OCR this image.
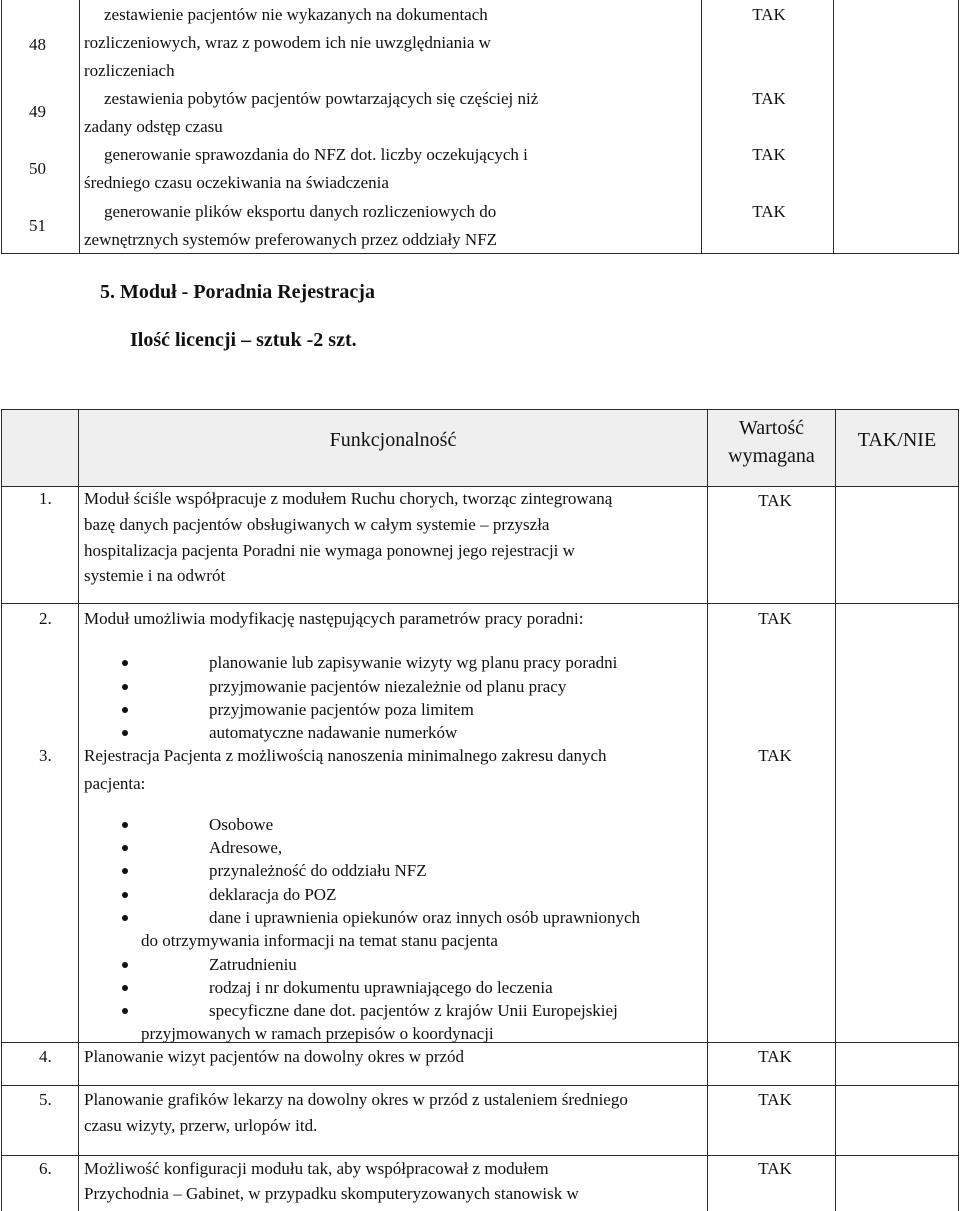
48
zestawienie pacjentów nie wykazanych na dokumentach
rozliczeniowych, wraz z powodem ich nie uwzględniania w
rozliczeniach
TAK
49
zestawienia pobytów pacjentów powtarzających się częściej niż
zadany odstęp czasu
TAK
50
generowanie sprawozdania do NFZ dot. liczby oczekujących i
średniego czasu oczekiwania na świadczenia
TAK
51
generowanie plików eksportu danych rozliczeniowych do
zewnętrznych systemów preferowanych przez oddziały NFZ
TAK
5. Moduł - Poradnia Rejestracja
Ilość licencji – sztuk -2 szt.
Funkcjonalność
Wartość
wymagana
TAK/NIE
1. Moduł ściśle współpracuje z modułem Ruchu chorych, tworząc zintegrowaną
bazę danych pacjentów obsługiwanych w całym systemie – przyszła
hospitalizacja pacjenta Poradni nie wymaga ponownej jego rejestracji w
systemie i na odwrót
TAK
2. Moduł umożliwia modyfikację następujących parametrów pracy poradni:	TAK
planowanie lub zapisywanie wizyty wg planu pracy poradni
przyjmowanie pacjentów niezależnie od planu pracy
przyjmowanie pacjentów poza limitem
automatyczne nadawanie numerków
3. Rejestracja Pacjenta z możliwością nanoszenia minimalnego zakresu danych
pacjenta:
TAK
Osobowe
Adresowe,
przynależność do oddziału NFZ
deklaracja do POZ
dane i uprawnienia opiekunów oraz innych osób uprawnionych
do otrzymywania informacji na temat stanu pacjenta
Zatrudnieniu
rodzaj i nr dokumentu uprawniającego do leczenia
specyficzne dane dot. pacjentów z krajów Unii Europejskiej
przyjmowanych w ramach przepisów o koordynacji
4. Planowanie wizyt pacjentów na dowolny okres w przód	TAK
5. Planowanie grafików lekarzy na dowolny okres w przód z ustaleniem średniego
czasu wizyty, przerw, urlopów itd.
TAK
6. Możliwość konfiguracji modułu tak, aby współpracował z modułem
Przychodnia – Gabinet, w przypadku skomputeryzowanych stanowisk w
TAK
